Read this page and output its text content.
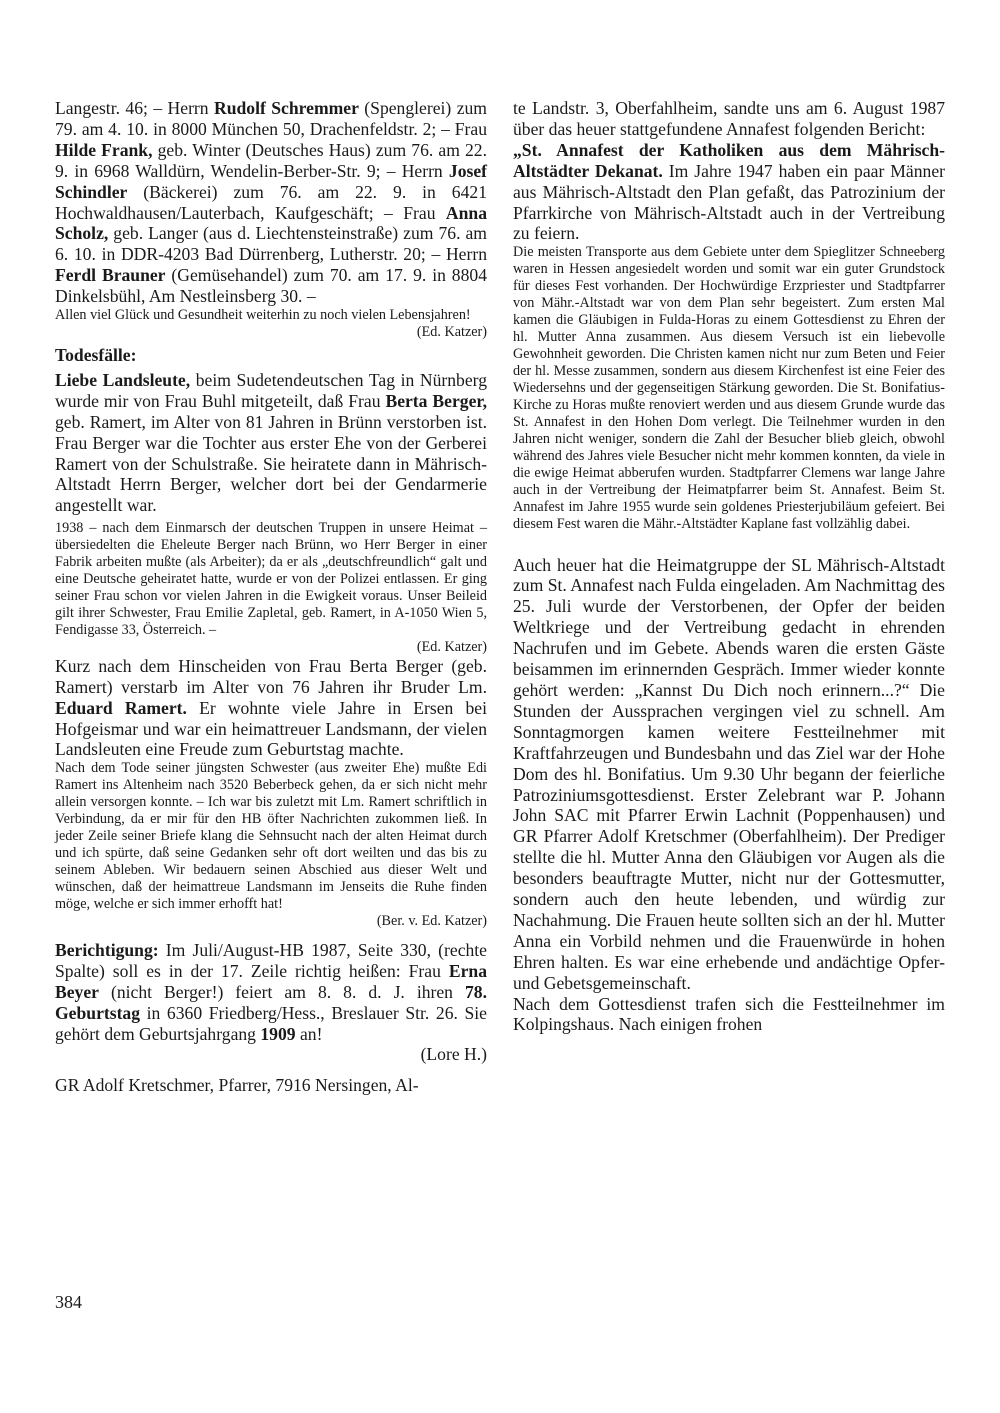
Langestr. 46; – Herrn Rudolf Schremmer (Spenglerei) zum 79. am 4. 10. in 8000 München 50, Drachenfeldstr. 2; – Frau Hilde Frank, geb. Winter (Deutsches Haus) zum 76. am 22. 9. in 6968 Walldürn, Wendelin-Berber-Str. 9; – Herrn Josef Schindler (Bäckerei) zum 76. am 22. 9. in 6421 Hochwaldhausen/Lauterbach, Kaufgeschäft; – Frau Anna Scholz, geb. Langer (aus d. Liechtensteinstraße) zum 76. am 6. 10. in DDR-4203 Bad Dürrenberg, Lutherstr. 20; – Herrn Ferdl Brauner (Gemüsehandel) zum 70. am 17. 9. in 8804 Dinkelsbühl, Am Nestleinsberg 30. –

Allen viel Glück und Gesundheit weiterhin zu noch vielen Lebensjahren!
(Ed. Katzer)

Todesfälle:

Liebe Landsleute, beim Sudetendeutschen Tag in Nürnberg wurde mir von Frau Buhl mitgeteilt, daß Frau Berta Berger, geb. Ramert, im Alter von 81 Jahren in Brünn verstorben ist. Frau Berger war die Tochter aus erster Ehe von der Gerberei Ramert von der Schulstraße. Sie heiratete dann in Mährisch-Altstadt Herrn Berger, welcher dort bei der Gendarmerie angestellt war.

1938 – nach dem Einmarsch der deutschen Truppen in unsere Heimat – übersiedelten die Eheleute Berger nach Brünn, wo Herr Berger in einer Fabrik arbeiten mußte (als Arbeiter); da er als „deutschfreundlich“ galt und eine Deutsche geheiratet hatte, wurde er von der Polizei entlassen. Er ging seiner Frau schon vor vielen Jahren in die Ewigkeit voraus. Unser Beileid gilt ihrer Schwester, Frau Emilie Zapletal, geb. Ramert, in A-1050 Wien 5, Fendigasse 33, Österreich. –
(Ed. Katzer)

Kurz nach dem Hinscheiden von Frau Berta Berger (geb. Ramert) verstarb im Alter von 76 Jahren ihr Bruder Lm. Eduard Ramert. Er wohnte viele Jahre in Ersen bei Hofgeismar und war ein heimattreuer Landsmann, der vielen Landsleuten eine Freude zum Geburtstag machte.

Nach dem Tode seiner jüngsten Schwester (aus zweiter Ehe) mußte Edi Ramert ins Altenheim nach 3520 Beberbeck gehen, da er sich nicht mehr allein versorgen konnte. – Ich war bis zuletzt mit Lm. Ramert schriftlich in Verbindung, da er mir für den HB öfter Nachrichten zukommen ließ. In jeder Zeile seiner Briefe klang die Sehnsucht nach der alten Heimat durch und ich spürte, daß seine Gedanken sehr oft dort weilten und das bis zu seinem Ableben. Wir bedauern seinen Abschied aus dieser Welt und wünschen, daß der heimattreue Landsmann im Jenseits die Ruhe finden möge, welche er sich immer erhofft hat!
(Ber. v. Ed. Katzer)

Berichtigung: Im Juli/August-HB 1987, Seite 330, (rechte Spalte) soll es in der 17. Zeile richtig heißen: Frau Erna Beyer (nicht Berger!) feiert am 8. 8. d. J. ihren 78. Geburtstag in 6360 Friedberg/Hess., Breslauer Str. 26. Sie gehört dem Geburtsjahrgang 1909 an!
(Lore H.)

GR Adolf Kretschmer, Pfarrer, 7916 Nersingen, Al-

te Landstr. 3, Oberfahlheim, sandte uns am 6. August 1987 über das heuer stattgefundene Annafest folgenden Bericht:

„St. Annafest der Katholiken aus dem Mährisch-Altstädter Dekanat. Im Jahre 1947 haben ein paar Männer aus Mährisch-Altstadt den Plan gefaßt, das Patrozinium der Pfarrkirche von Mährisch-Altstadt auch in der Vertreibung zu feiern.

Die meisten Transporte aus dem Gebiete unter dem Spieglitzer Schneeberg waren in Hessen angesiedelt worden und somit war ein guter Grundstock für dieses Fest vorhanden. Der Hochwürdige Erzpriester und Stadtpfarrer von Mähr.-Altstadt war von dem Plan sehr begeistert. Zum ersten Mal kamen die Gläubigen in Fulda-Horas zu einem Gottesdienst zu Ehren der hl. Mutter Anna zusammen. Aus diesem Versuch ist ein liebevolle Gewohnheit geworden. Die Christen kamen nicht nur zum Beten und Feier der hl. Messe zusammen, sondern aus diesem Kirchenfest ist eine Feier des Wiedersehns und der gegenseitigen Stärkung geworden. Die St. Bonifatius-Kirche zu Horas mußte renoviert werden und aus diesem Grunde wurde das St. Annafest in den Hohen Dom verlegt. Die Teilnehmer wurden in den Jahren nicht weniger, sondern die Zahl der Besucher blieb gleich, obwohl während des Jahres viele Besucher nicht mehr kommen konnten, da viele in die ewige Heimat abberufen wurden. Stadtpfarrer Clemens war lange Jahre auch in der Vertreibung der Heimatpfarrer beim St. Annafest. Beim St. Annafest im Jahre 1955 wurde sein goldenes Priesterjubiläum gefeiert. Bei diesem Fest waren die Mähr.-Altstädter Kaplane fast vollzählig dabei.

Auch heuer hat die Heimatgruppe der SL Mährisch-Altstadt zum St. Annafest nach Fulda eingeladen. Am Nachmittag des 25. Juli wurde der Verstorbenen, der Opfer der beiden Weltkriege und der Vertreibung gedacht in ehrenden Nachrufen und im Gebete. Abends waren die ersten Gäste beisammen im erinnernden Gespräch. Immer wieder konnte gehört werden: „Kannst Du Dich noch erinnern...?“ Die Stunden der Aussprachen vergingen viel zu schnell. Am Sonntagmorgen kamen weitere Festteilnehmer mit Kraftfahrzeugen und Bundesbahn und das Ziel war der Hohe Dom des hl. Bonifatius. Um 9.30 Uhr begann der feierliche Patroziniumsgottesdienst. Erster Zelebrant war P. Johann John SAC mit Pfarrer Erwin Lachnit (Poppenhausen) und GR Pfarrer Adolf Kretschmer (Oberfahlheim). Der Prediger stellte die hl. Mutter Anna den Gläubigen vor Augen als die besonders beauftragte Mutter, nicht nur der Gottesmutter, sondern auch den heute lebenden, und würdig zur Nachahmung. Die Frauen heute sollten sich an der hl. Mutter Anna ein Vorbild nehmen und die Frauenwürde in hohen Ehren halten. Es war eine erhebende und andächtige Opfer-und Gebetsgemeinschaft.

Nach dem Gottesdienst trafen sich die Festteilnehmer im Kolpingshaus. Nach einigen frohen

384
